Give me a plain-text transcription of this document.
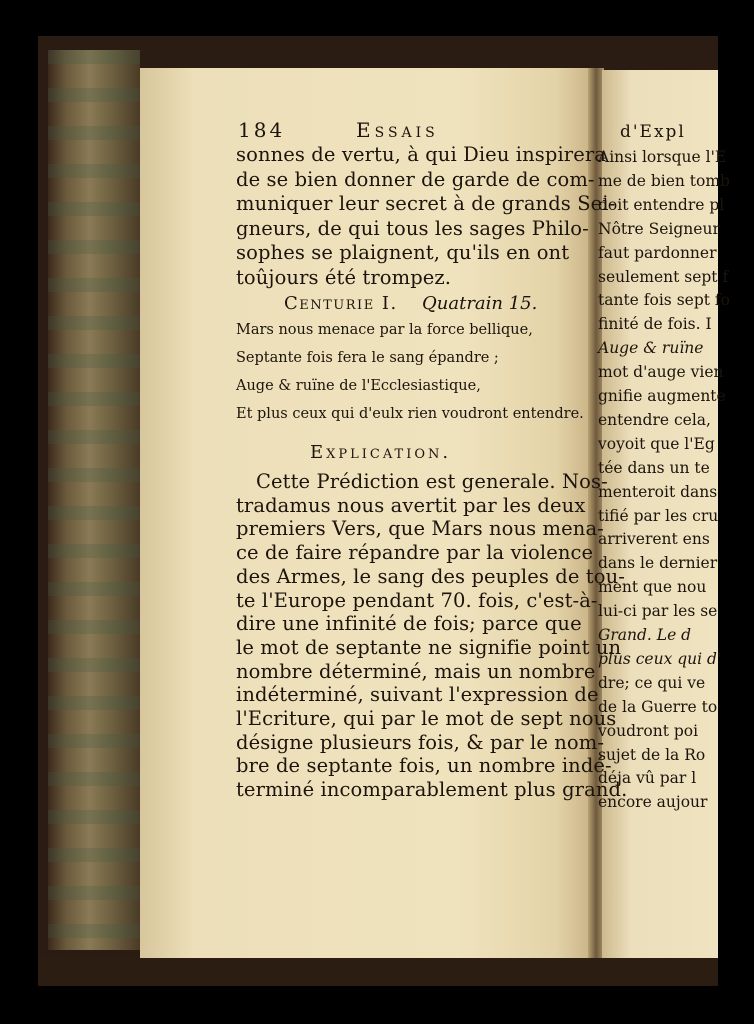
d'Expl
Ainsi lorsque l'E
me de bien tomb
doit entendre pl
Nôtre Seigneur
faut pardonner
seulement sept f
tante fois sept fo
finité de fois. I
Auge & ruïne
mot d'auge vien
gnifie augmente
entendre cela,
voyoit que l'Eg
tée dans un te
menteroit dans
tifié par les cru
arriverent ens
dans le dernier
ment que nou
lui-ci par les se
Grand. Le d
plus ceux qui d'
dre; ce qui ve
de la Guerre to
voudront poi
sujet de la Ro
déja vû par l
encore aujour
184	Essais
sonnes de vertu, à qui Dieu inspirera
de se bien donner de garde de com-
muniquer leur secret à de grands Sei-
gneurs, de qui tous les sages Philo-
sophes se plaignent, qu'ils en ont
toûjours été trompez.
Centurie I. Quatrain 15.
Mars nous menace par la force bellique,
Septante fois fera le sang épandre ;
Auge & ruïne de l'Ecclesiastique,
Et plus ceux qui d'eulx rien voudront entendre.
Explication.
Cette Prédiction est generale. Nos-
tradamus nous avertit par les deux
premiers Vers, que Mars nous mena-
ce de faire répandre par la violence
des Armes, le sang des peuples de tou-
te l'Europe pendant 70. fois, c'est-à-
dire une infinité de fois; parce que
le mot de septante ne signifie point un
nombre déterminé, mais un nombre
indéterminé, suivant l'expression de
l'Ecriture, qui par le mot de sept nous
désigne plusieurs fois, & par le nom-
bre de septante fois, un nombre indé-
terminé incomparablement plus grand.
